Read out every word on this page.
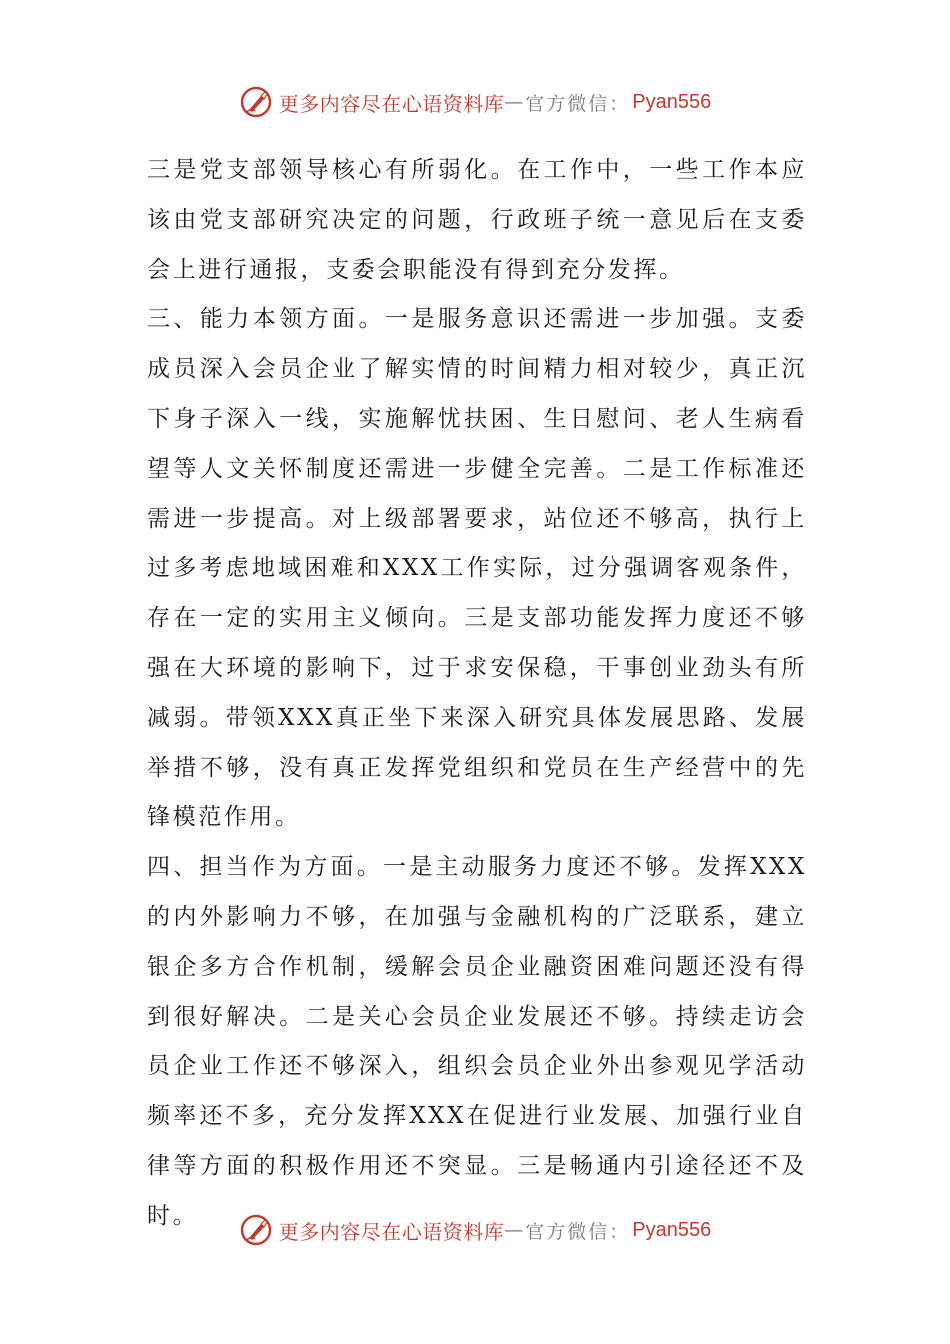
更多内容尽在心语资料库 — 官方微信： Pyan556

三是党支部领导核心有所弱化。在工作中，一些工作本应该由党支部研究决定的问题，行政班子统一意见后在支委会上进行通报，支委会职能没有得到充分发挥。

三、能力本领方面。一是服务意识还需进一步加强。支委成员深入会员企业了解实情的时间精力相对较少，真正沉下身子深入一线，实施解忧扶困、生日慰问、老人生病看望等人文关怀制度还需进一步健全完善。二是工作标准还需进一步提高。对上级部署要求，站位还不够高，执行上过多考虑地域困难和XXX工作实际，过分强调客观条件，存在一定的实用主义倾向。三是支部功能发挥力度还不够强在大环境的影响下，过于求安保稳，干事创业劲头有所减弱。带领XXX真正坐下来深入研究具体发展思路、发展举措不够，没有真正发挥党组织和党员在生产经营中的先锋模范作用。

四、担当作为方面。一是主动服务力度还不够。发挥XXX的内外影响力不够，在加强与金融机构的广泛联系，建立银企多方合作机制，缓解会员企业融资困难问题还没有得到很好解决。二是关心会员企业发展还不够。持续走访会员企业工作还不够深入，组织会员企业外出参观见学活动频率还不多，充分发挥XXX在促进行业发展、加强行业自律等方面的积极作用还不突显。三是畅通内引途径还不及时。

更多内容尽在心语资料库 — 官方微信： Pyan556
